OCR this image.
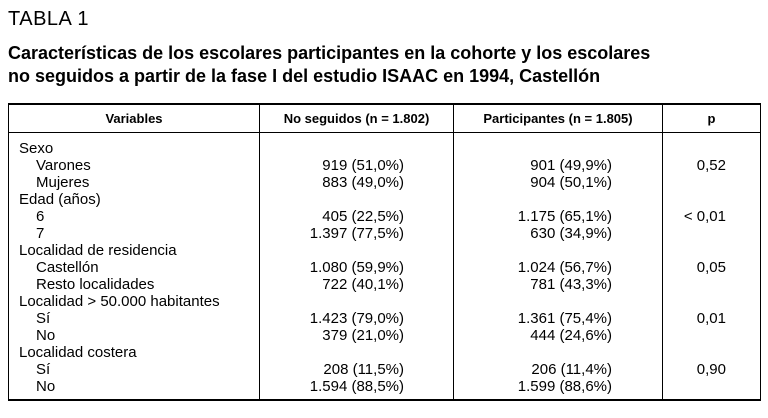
TABLA 1
Características de los escolares participantes en la cohorte y los escolares
no seguidos a partir de la fase I del estudio ISAAC en 1994, Castellón
Variables	No seguidos (n = 1.802)	Participantes (n = 1.805)	p
Sexo
Varones	919 (51,0%)	901 (49,9%)	0,52
Mujeres	883 (49,0%)	904 (50,1%)
Edad (años)
6	405 (22,5%)	1.175 (65,1%)	< 0,01
7	1.397 (77,5%)	630 (34,9%)
Localidad de residencia
Castellón	1.080 (59,9%)	1.024 (56,7%)	0,05
Resto localidades	722 (40,1%)	781 (43,3%)
Localidad > 50.000 habitantes
Sí	1.423 (79,0%)	1.361 (75,4%)	0,01
No	379 (21,0%)	444 (24,6%)
Localidad costera
Sí	208 (11,5%)	206 (11,4%)	0,90
No	1.594 (88,5%)	1.599 (88,6%)
